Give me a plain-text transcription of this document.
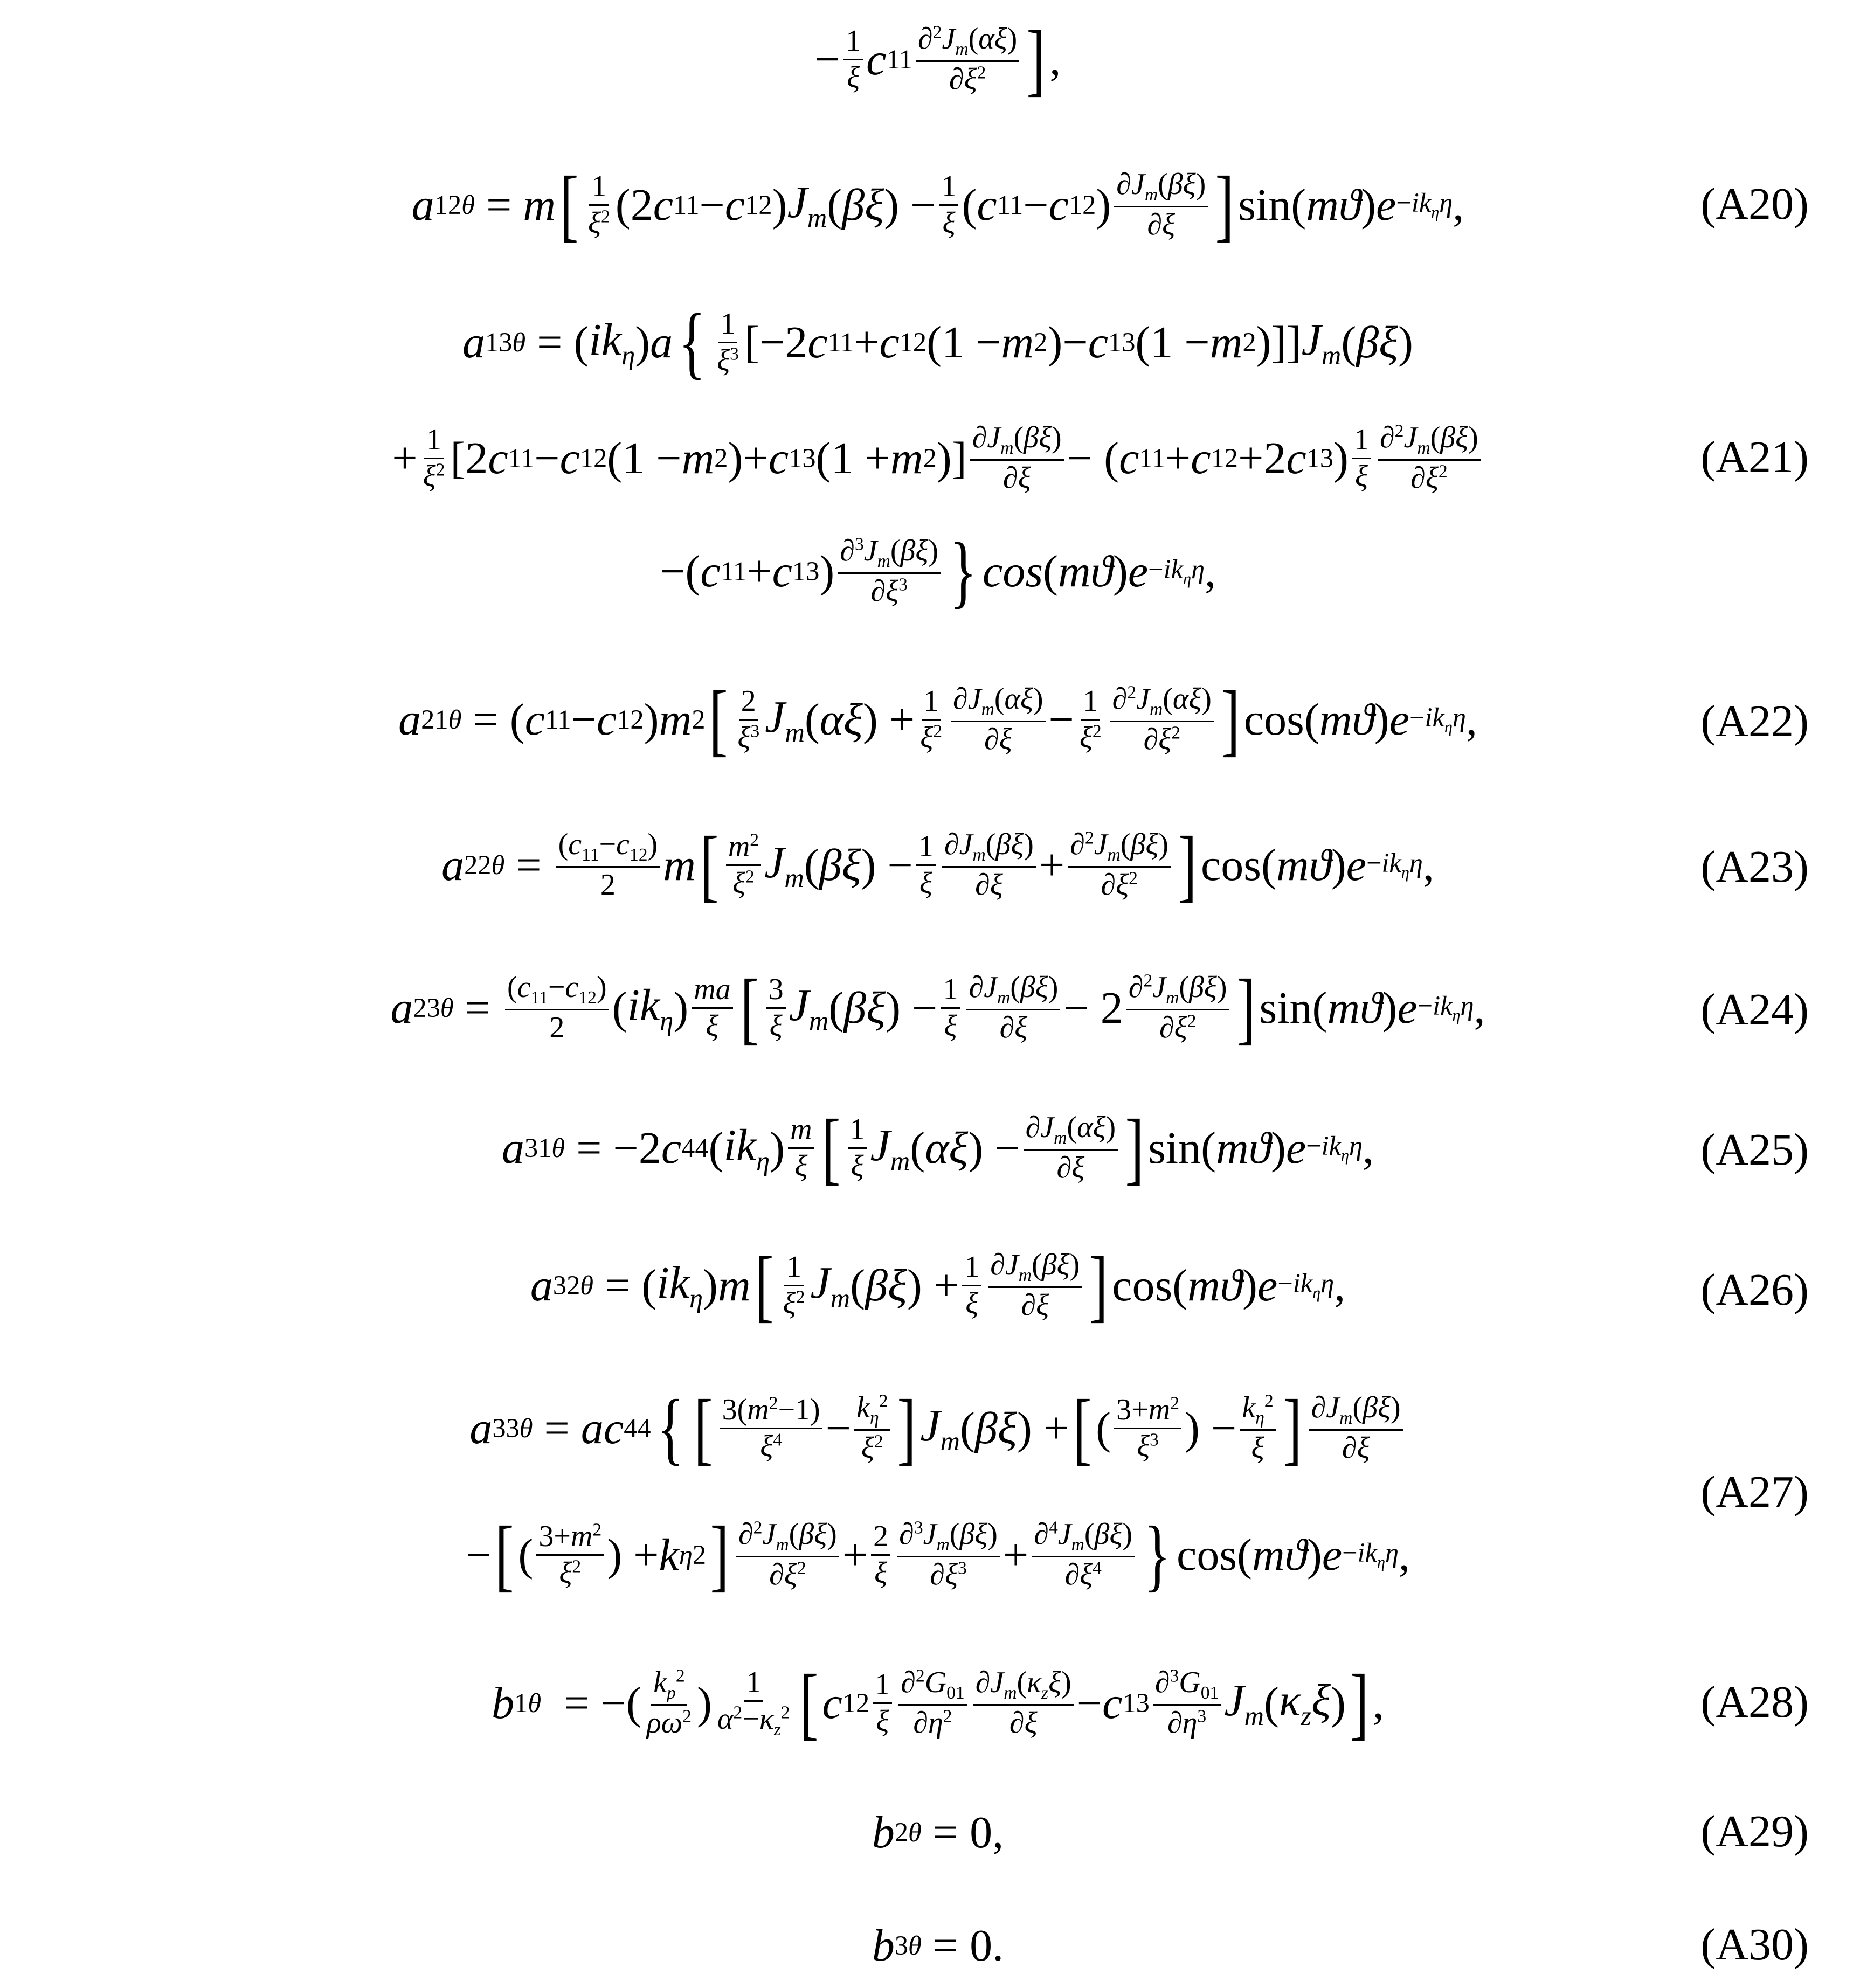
− $\frac{1}{\xi}$ c $11 \frac{\partial^2J_m(\alpha\xi)}{\partial\xi^2}$ ] ,
a 12θ = m [ $\frac{1}{\xi^2} (2$ c 11 − c 12 ) $J_m$ ( βξ ) − $\frac{1}{\xi}$ ( c 11 − c 12 ) $\frac{\partial J_m(\beta\xi)}{\partial\xi}$ ] sin( mϑ ) $e -ik_\eta\eta$ ,	(A20)
a 13θ = ( $ik_\eta$ ) a { $\frac{1}{\xi^3} [-2$ c 11 + c 12 (1 − m 2 )− c 13 (1 − m 2 )]] $J_m$ ( βξ )
+ $\frac{1}{\xi^2} [2$ c 11 − c 12 (1 − m 2 )+ c 13 (1 + m 2 )] $\frac{\partial J_m(\beta\xi)}{\partial\xi}$ − ( c 11 + c 12 +2 c 13 ) $\frac{1}{\xi} \frac{\partial^2J_m(\beta\xi)}{\partial\xi^2}$	(A21)
−( c 11 + c 13 ) $\frac{\partial^3J_m(\beta\xi)}{\partial\xi^3}$ } cos ( mϑ ) $e -ik_\eta\eta$ ,
a 21θ = ( c 11 − c 12 ) m 2 [ $\frac{2}{\xi^3} J_m$ ( αξ ) + $\frac{1}{\xi^2} \frac{\partial J_m(\alpha\xi)}{\partial\xi} - \frac{1}{\xi^2} \frac{\partial^2J_m(\alpha\xi)}{\partial\xi^2}$ ] cos( mϑ ) $e -ik_\eta\eta$ ,	(A22)
a $22\theta = \frac{(c_{11}-c_{12})}{2}$ m [ $\frac{m^2}{\xi^2} J_m$ ( βξ ) − $\frac{1}{\xi} \frac{\partial J_m(\beta\xi)}{\partial\xi} + \frac{\partial^2J_m(\beta\xi)}{\partial\xi^2}$ ] cos( mϑ ) $e -ik_\eta\eta$ ,	(A23)
a $23\theta = \frac{(c_{11}-c_{12})}{2}$ ( $ik_\eta$ ) $\frac{ma}{\xi}$ [ $\frac{3}{\xi} J_m$ ( βξ ) − $\frac{1}{\xi} \frac{\partial J_m(\beta\xi)}{\partial\xi} - 2 \frac{\partial^2J_m(\beta\xi)}{\partial\xi^2}$ ] sin( mϑ ) $e -ik_\eta\eta$ ,	(A24)
a 31θ = −2 c 44 ( $ik_\eta$ ) $\frac{m}{\xi}$ [ $\frac{1}{\xi} J_m$ ( αξ ) − $\frac{\partial J_m(\alpha\xi)}{\partial\xi}$ ] sin( mϑ ) $e -ik_\eta\eta$ ,	(A25)
a 32θ = ( $ik_\eta$ ) m [ $\frac{1}{\xi^2} J_m$ ( βξ ) + $\frac{1}{\xi} \frac{\partial J_m(\beta\xi)}{\partial\xi}$ ] cos( mϑ ) $e -ik_\eta\eta$ ,	(A26)
a 33θ = ac 44 { [ $\frac{3(m^2-1)}{\xi^4} - \frac{k_\eta^2}{\xi^2}$ ] $J_m$ ( βξ ) + [ ( $\frac{3+m^2}{\xi^3}$ ) − $\frac{k_\eta^2}{\xi}$ ] $\frac{\partial J_m(\beta\xi)}{\partial\xi}$
− [ ( $\frac{3+m^2}{\xi^2}$ ) + k η 2 ] $\frac{\partial^2J_m(\beta\xi)}{\partial\xi^2} + \frac{2}{\xi} \frac{\partial^3J_m(\beta\xi)}{\partial\xi^3} + \frac{\partial^4J_m(\beta\xi)}{\partial\xi^4}$ } cos( mϑ ) $e -ik_\eta\eta$ ,
(A27)
b 1θ = −( $\frac{k_p^2}{\rho\omega^2}$ ) $\frac{1}{\alpha^2-\kappa_z^2}$ [ c $12 \frac{1}{\xi} \frac{\partial^2G_{01}}{\partial\eta^2} \frac{\partial J_m(\kappa_z\xi)}{\partial\xi} - c$ $13 \frac{\partial^3G_{01}}{\partial\eta^3} J_m$ ( $\kappa_z\xi$ ) ] ,	(A28)
b 2θ = 0,	(A29)
b 3θ = 0.	(A30)
